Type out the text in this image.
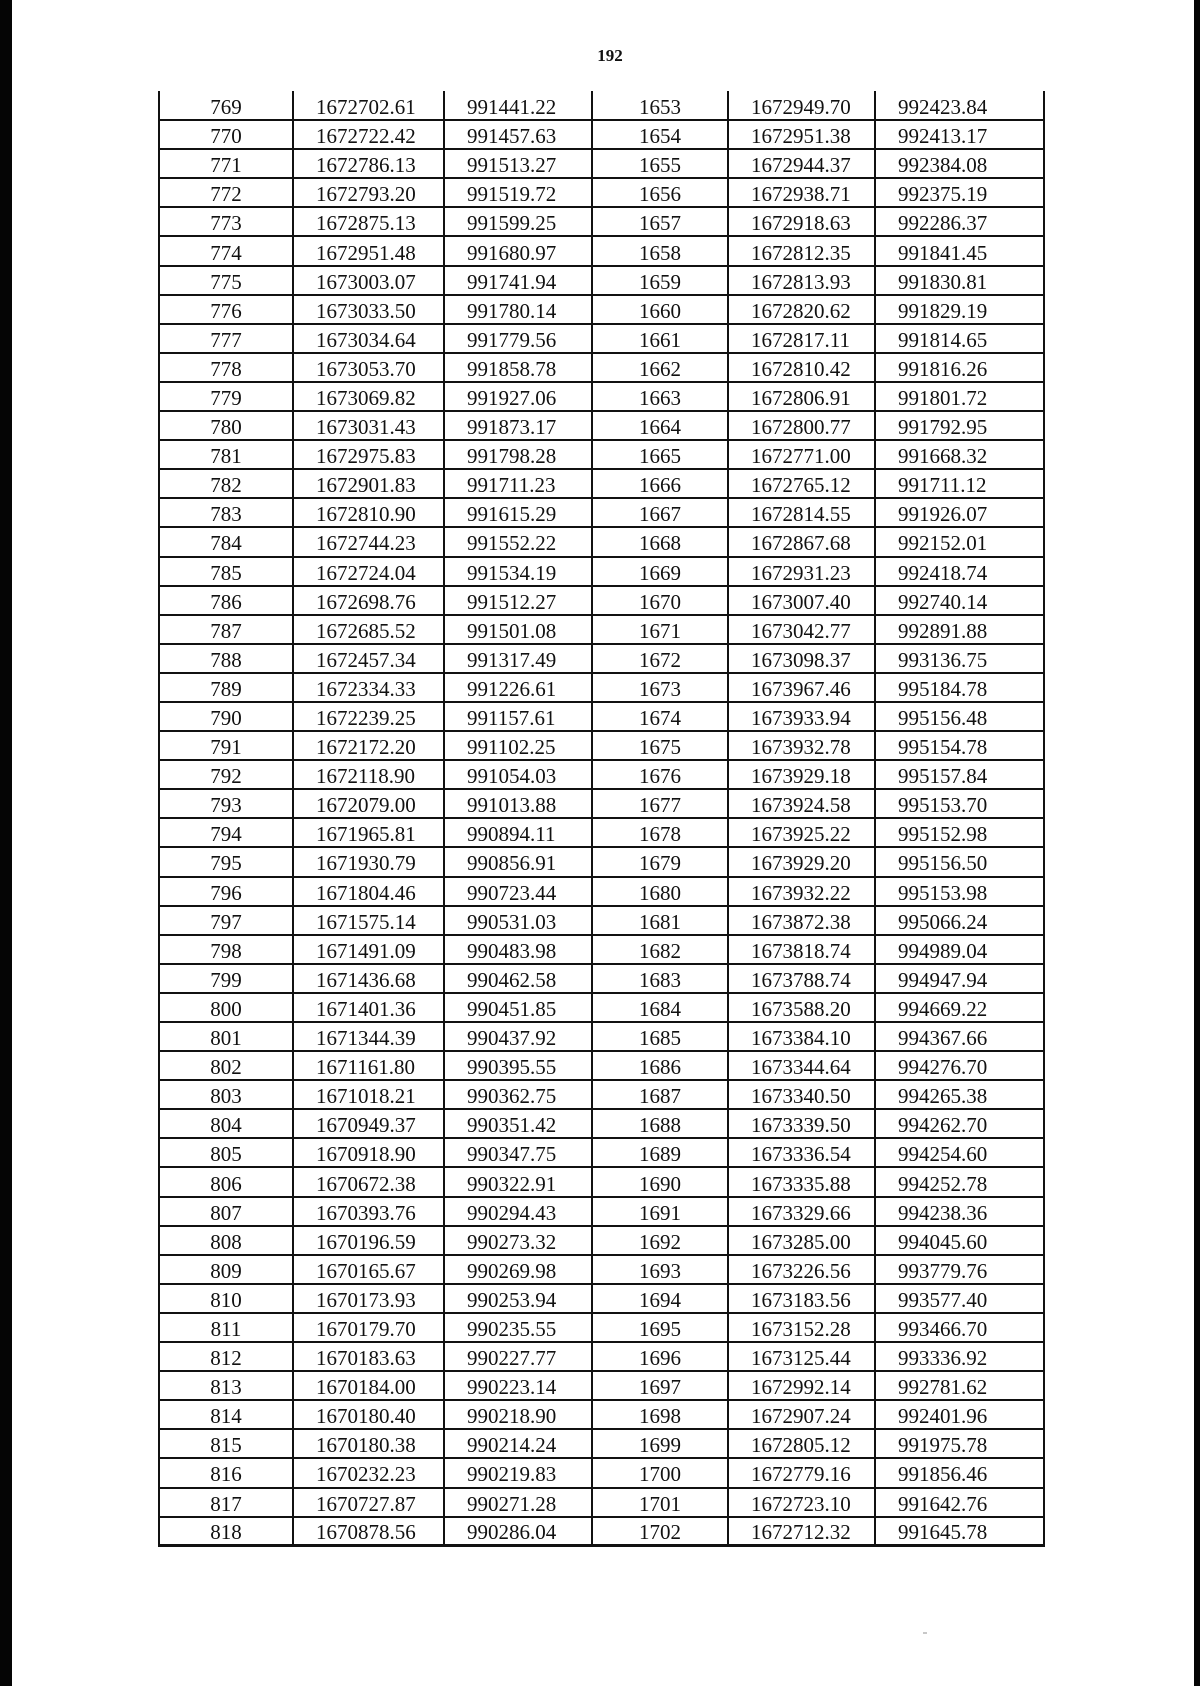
192
769	1672702.61	991441.22	1653	1672949.70	992423.84
770	1672722.42	991457.63	1654	1672951.38	992413.17
771	1672786.13	991513.27	1655	1672944.37	992384.08
772	1672793.20	991519.72	1656	1672938.71	992375.19
773	1672875.13	991599.25	1657	1672918.63	992286.37
774	1672951.48	991680.97	1658	1672812.35	991841.45
775	1673003.07	991741.94	1659	1672813.93	991830.81
776	1673033.50	991780.14	1660	1672820.62	991829.19
777	1673034.64	991779.56	1661	1672817.11	991814.65
778	1673053.70	991858.78	1662	1672810.42	991816.26
779	1673069.82	991927.06	1663	1672806.91	991801.72
780	1673031.43	991873.17	1664	1672800.77	991792.95
781	1672975.83	991798.28	1665	1672771.00	991668.32
782	1672901.83	991711.23	1666	1672765.12	991711.12
783	1672810.90	991615.29	1667	1672814.55	991926.07
784	1672744.23	991552.22	1668	1672867.68	992152.01
785	1672724.04	991534.19	1669	1672931.23	992418.74
786	1672698.76	991512.27	1670	1673007.40	992740.14
787	1672685.52	991501.08	1671	1673042.77	992891.88
788	1672457.34	991317.49	1672	1673098.37	993136.75
789	1672334.33	991226.61	1673	1673967.46	995184.78
790	1672239.25	991157.61	1674	1673933.94	995156.48
791	1672172.20	991102.25	1675	1673932.78	995154.78
792	1672118.90	991054.03	1676	1673929.18	995157.84
793	1672079.00	991013.88	1677	1673924.58	995153.70
794	1671965.81	990894.11	1678	1673925.22	995152.98
795	1671930.79	990856.91	1679	1673929.20	995156.50
796	1671804.46	990723.44	1680	1673932.22	995153.98
797	1671575.14	990531.03	1681	1673872.38	995066.24
798	1671491.09	990483.98	1682	1673818.74	994989.04
799	1671436.68	990462.58	1683	1673788.74	994947.94
800	1671401.36	990451.85	1684	1673588.20	994669.22
801	1671344.39	990437.92	1685	1673384.10	994367.66
802	1671161.80	990395.55	1686	1673344.64	994276.70
803	1671018.21	990362.75	1687	1673340.50	994265.38
804	1670949.37	990351.42	1688	1673339.50	994262.70
805	1670918.90	990347.75	1689	1673336.54	994254.60
806	1670672.38	990322.91	1690	1673335.88	994252.78
807	1670393.76	990294.43	1691	1673329.66	994238.36
808	1670196.59	990273.32	1692	1673285.00	994045.60
809	1670165.67	990269.98	1693	1673226.56	993779.76
810	1670173.93	990253.94	1694	1673183.56	993577.40
811	1670179.70	990235.55	1695	1673152.28	993466.70
812	1670183.63	990227.77	1696	1673125.44	993336.92
813	1670184.00	990223.14	1697	1672992.14	992781.62
814	1670180.40	990218.90	1698	1672907.24	992401.96
815	1670180.38	990214.24	1699	1672805.12	991975.78
816	1670232.23	990219.83	1700	1672779.16	991856.46
817	1670727.87	990271.28	1701	1672723.10	991642.76
818	1670878.56	990286.04	1702	1672712.32	991645.78
